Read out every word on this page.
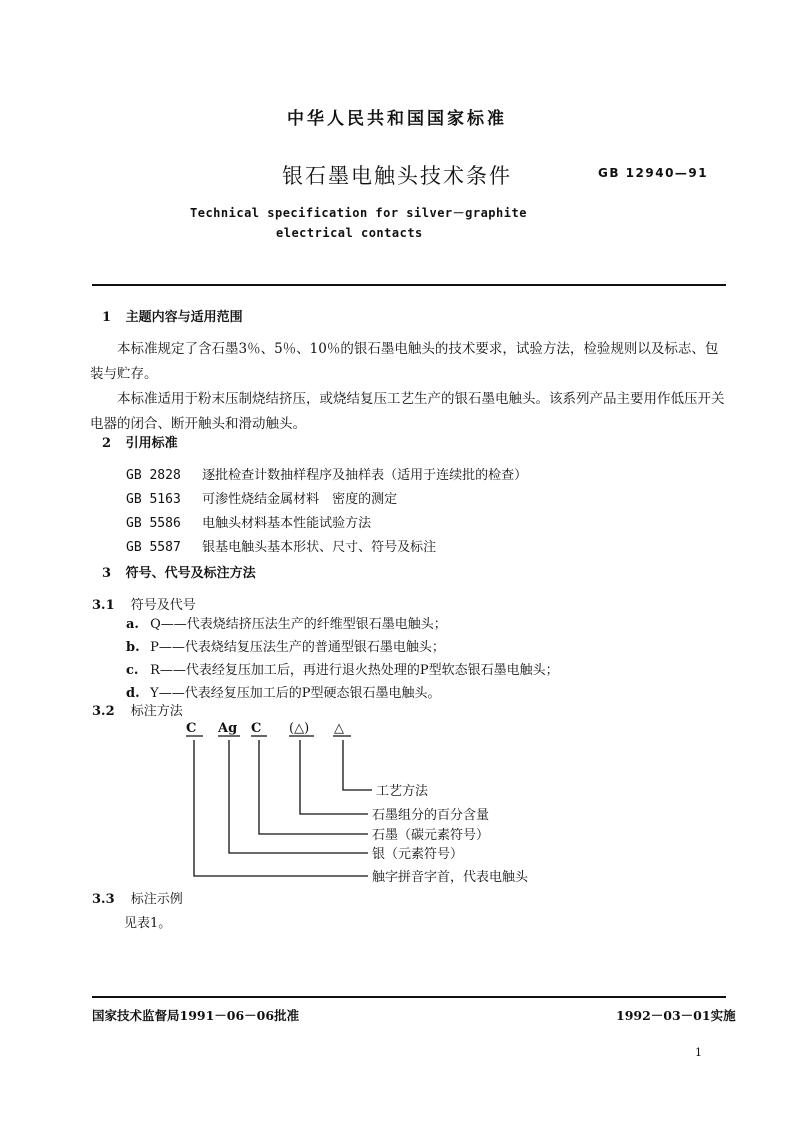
中华人民共和国国家标准
银石墨电触头技术条件	GB 12940—91
Technical specification for silver－graphite
electrical contacts
1 主题内容与适用范围
本标准规定了含石墨3％、5％、10％的银石墨电触头的技术要求，试验方法，检验规则以及标志、包装与贮存。
本标准适用于粉末压制烧结挤压，或烧结复压工艺生产的银石墨电触头。该系列产品主要用作低压开关电器的闭合、断开触头和滑动触头。
2 引用标准
GB 2828 逐批检查计数抽样程序及抽样表（适用于连续批的检查）
GB 5163 可渗性烧结金属材料　密度的测定
GB 5586 电触头材料基本性能试验方法
GB 5587 银基电触头基本形状、尺寸、符号及标注
3 符号、代号及标注方法
3.1 符号及代号
a. Q——代表烧结挤压法生产的纤维型银石墨电触头；
b. P——代表烧结复压法生产的普通型银石墨电触头；
c. R——代表经复压加工后，再进行退火热处理的P型软态银石墨电触头；
d. Y——代表经复压加工后的P型硬态银石墨电触头。
3.2 标注方法
C Ag C (△) △
工艺方法
石墨组分的百分含量
石墨（碳元素符号）
银（元素符号）
触字拼音字首，代表电触头
3.3 标注示例
见表1。
国家技术监督局1991－06－06批准	1992－03－01实施
1
